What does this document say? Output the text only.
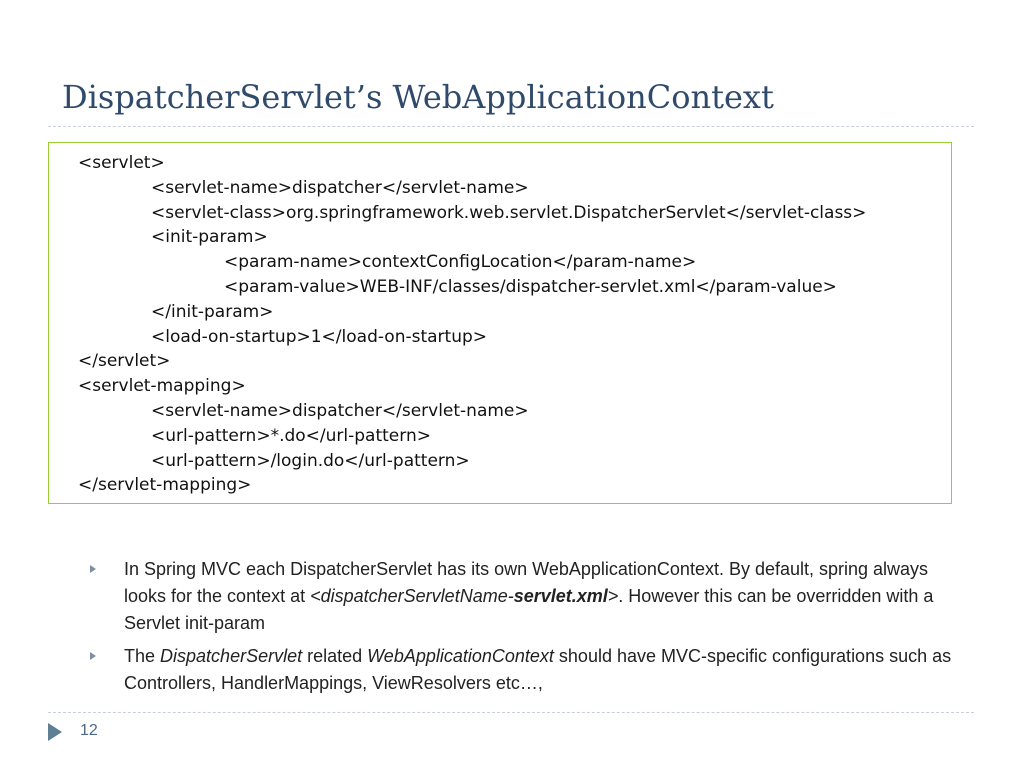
DispatcherServlet’s WebApplicationContext
<servlet>
<servlet-name>dispatcher</servlet-name>
<servlet-class>org.springframework.web.servlet.DispatcherServlet</servlet-class>
<init-param>
<param-name>contextConfigLocation</param-name>
<param-value>WEB-INF/classes/dispatcher-servlet.xml</param-value>
</init-param>
<load-on-startup>1</load-on-startup>
</servlet>
<servlet-mapping>
<servlet-name>dispatcher</servlet-name>
<url-pattern>*.do</url-pattern>
<url-pattern>/login.do</url-pattern>
</servlet-mapping>
In Spring MVC each DispatcherServlet has its own WebApplicationContext. By default, spring always looks for the context at <dispatcherServletName-servlet.xml>. However this can be overridden with a Servlet init-param
The DispatcherServlet related WebApplicationContext should have MVC-specific configurations such as Controllers, HandlerMappings, ViewResolvers etc…,
12
